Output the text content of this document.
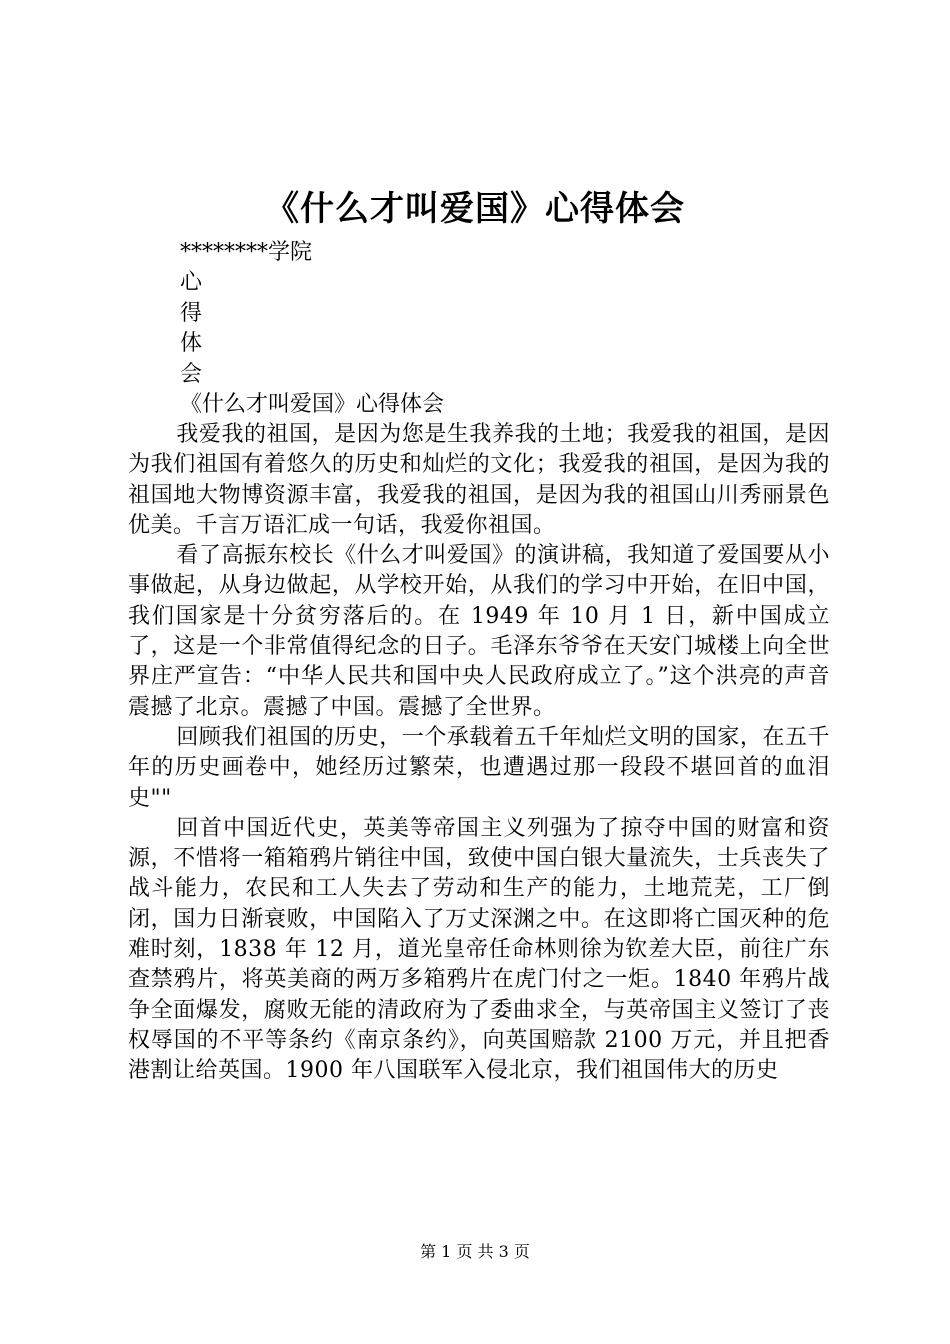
《什么才叫爱国》心得体会
********学院
心
得
体
会
《什么才叫爱国》心得体会

我爱我的祖国，是因为您是生我养我的土地；我爱我的祖国，是因为我们祖国有着悠久的历史和灿烂的文化；我爱我的祖国，是因为我的祖国地大物博资源丰富，我爱我的祖国，是因为我的祖国山川秀丽景色优美。千言万语汇成一句话，我爱你祖国。

看了高振东校长《什么才叫爱国》的演讲稿，我知道了爱国要从小事做起，从身边做起，从学校开始，从我们的学习中开始，在旧中国，我们国家是十分贫穷落后的。在 1949 年 10 月 1 日，新中国成立了，这是一个非常值得纪念的日子。毛泽东爷爷在天安门城楼上向全世界庄严宣告：“中华人民共和国中央人民政府成立了。”这个洪亮的声音震撼了北京。震撼了中国。震撼了全世界。

回顾我们祖国的历史，一个承载着五千年灿烂文明的国家，在五千年的历史画卷中，她经历过繁荣，也遭遇过那一段段不堪回首的血泪史""

回首中国近代史，英美等帝国主义列强为了掠夺中国的财富和资源，不惜将一箱箱鸦片销往中国，致使中国白银大量流失，士兵丧失了战斗能力，农民和工人失去了劳动和生产的能力，土地荒芜，工厂倒闭，国力日渐衰败，中国陷入了万丈深渊之中。在这即将亡国灭种的危难时刻，1838 年 12 月，道光皇帝任命林则徐为钦差大臣，前往广东查禁鸦片，将英美商的两万多箱鸦片在虎门付之一炬。1840 年鸦片战争全面爆发，腐败无能的清政府为了委曲求全，与英帝国主义签订了丧权辱国的不平等条约《南京条约》，向英国赔款 2100 万元，并且把香港割让给英国。1900 年八国联军入侵北京，我们祖国伟大的历史

第 1 页 共 3 页
